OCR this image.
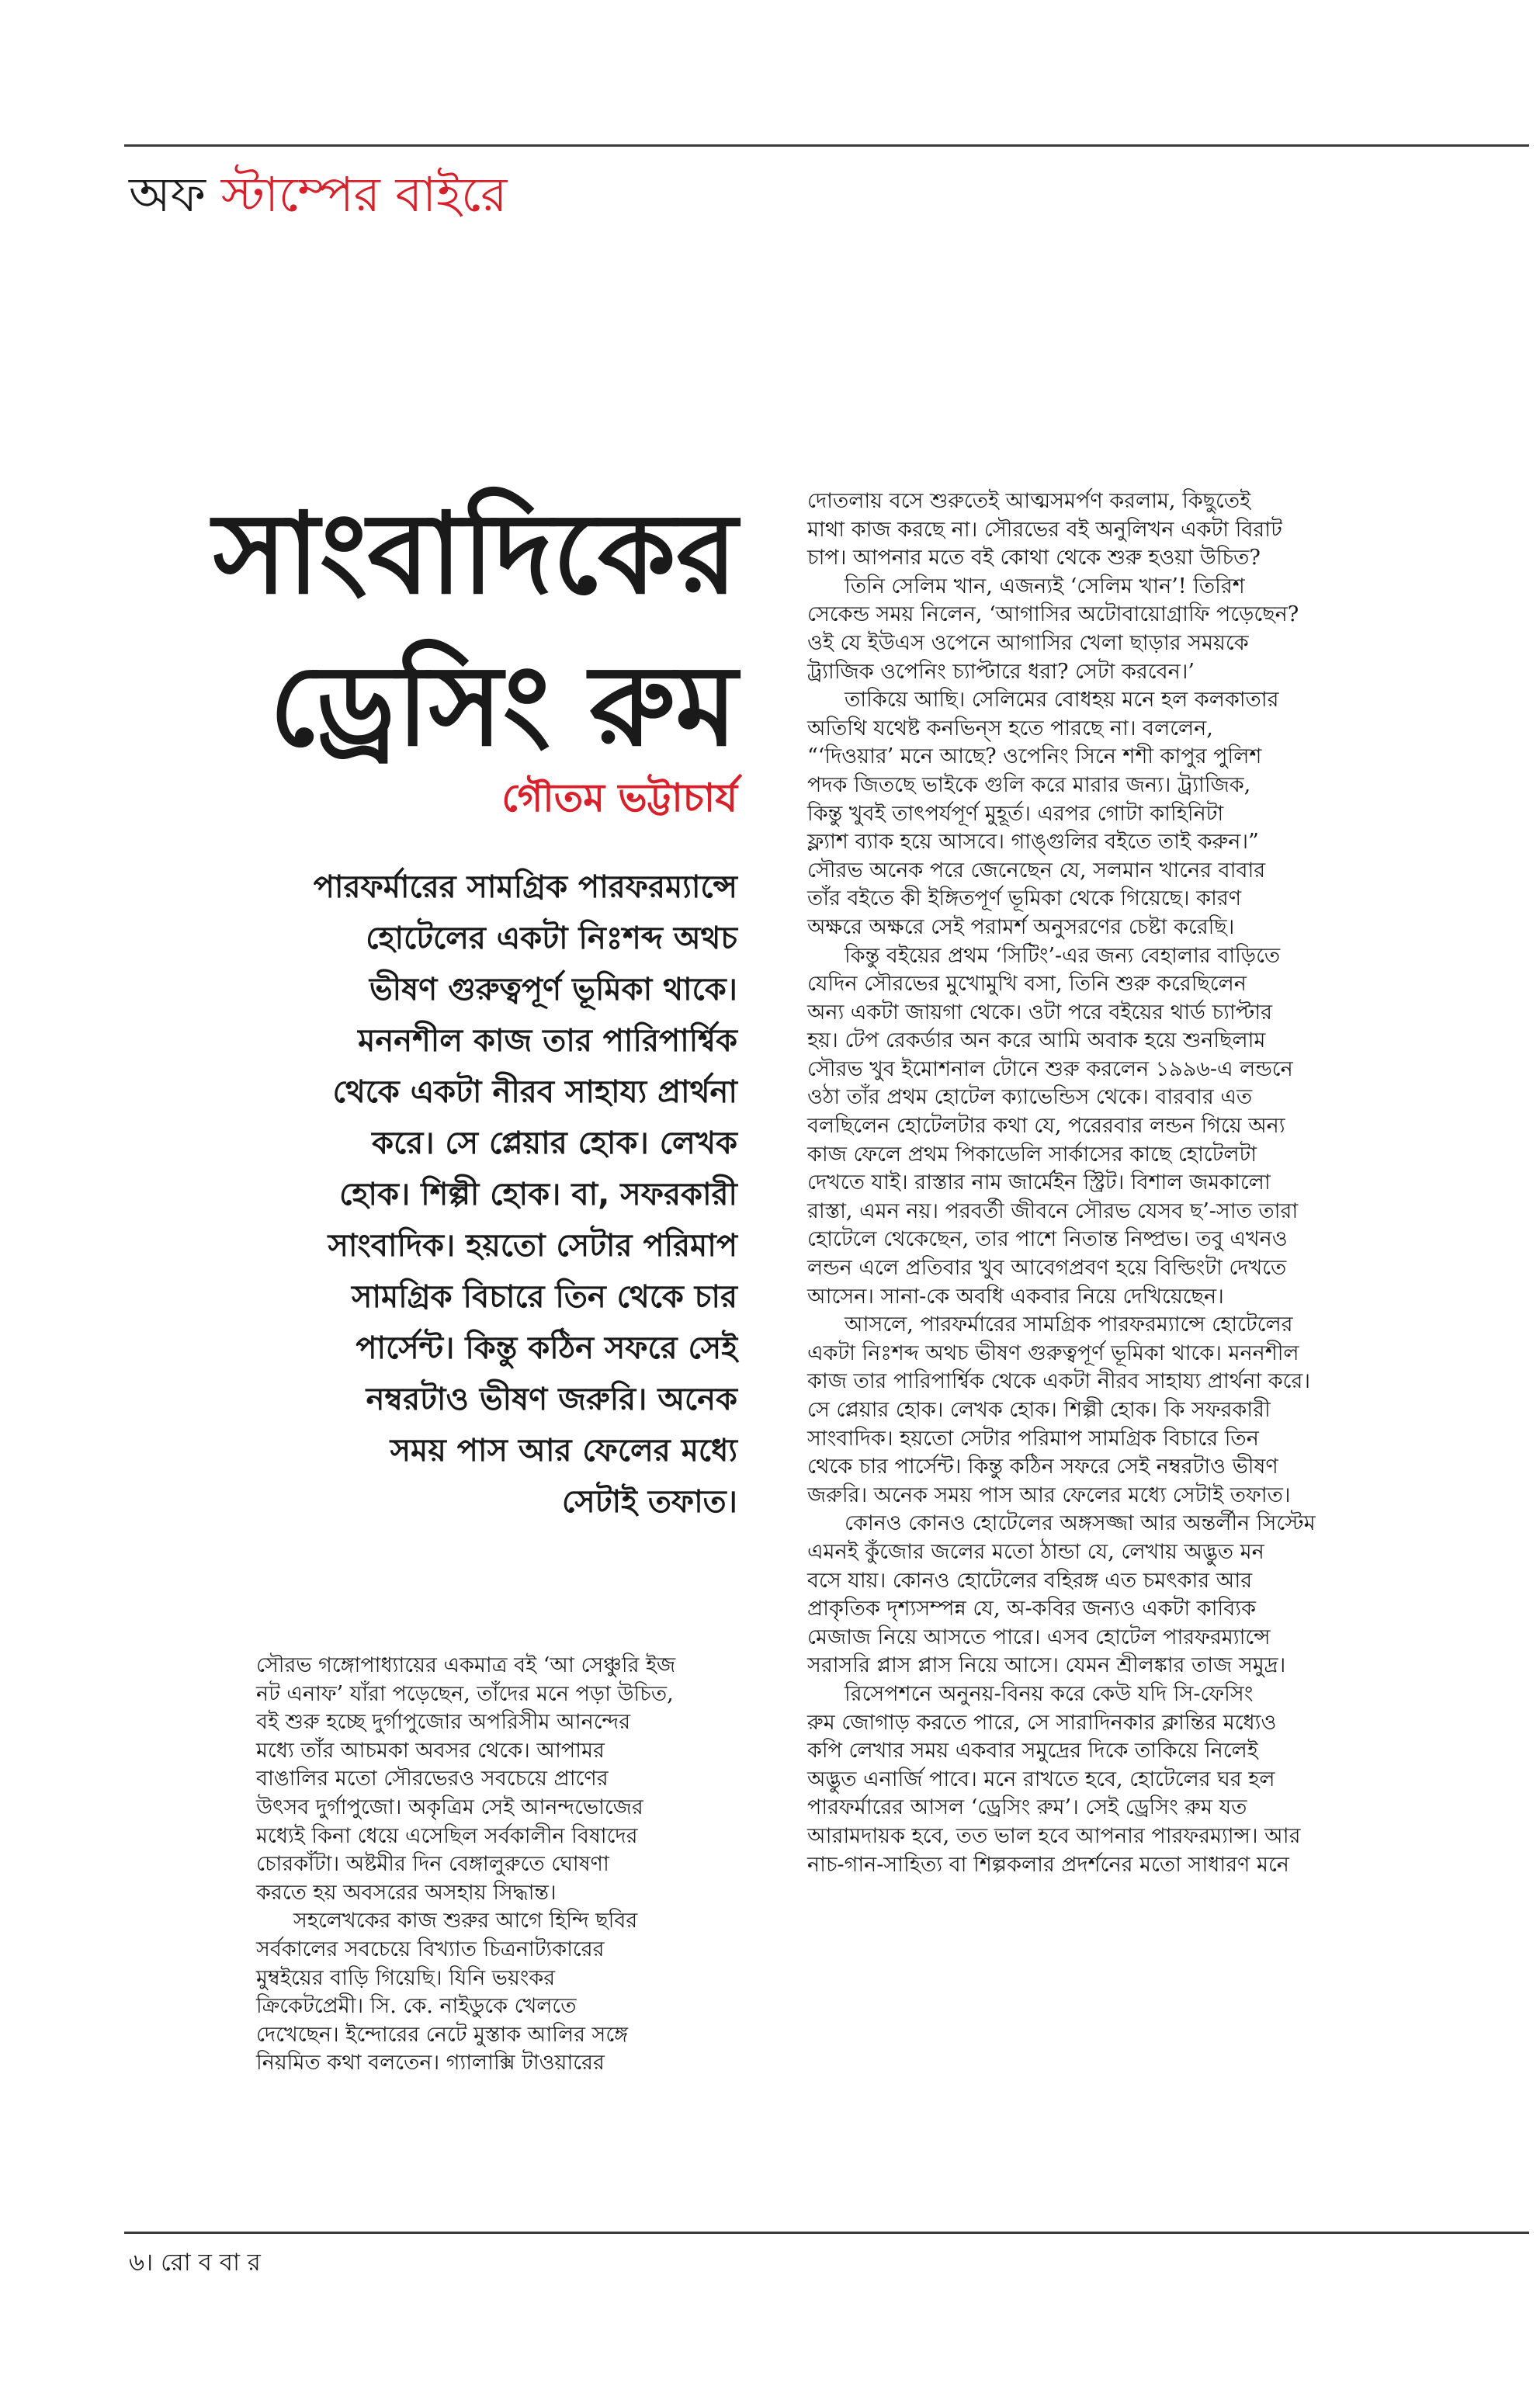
অফ স্টাম্পের বাইরে
সাংবাদিকের
ড্রেসিং রুম
গৌতম ভট্টাচার্য
পারফর্মারের সামগ্রিক পারফরম্যান্সে
হোটেলের একটা নিঃশব্দ অথচ
ভীষণ গুরুত্বপূর্ণ ভূমিকা থাকে।
মননশীল কাজ তার পারিপার্শ্বিক
থেকে একটা নীরব সাহায্য প্রার্থনা
করে। সে প্লেয়ার হোক। লেখক
হোক। শিল্পী হোক। বা, সফরকারী
সাংবাদিক। হয়তো সেটার পরিমাপ
সামগ্রিক বিচারে তিন থেকে চার
পার্সেন্ট। কিন্তু কঠিন সফরে সেই
নম্বরটাও ভীষণ জরুরি। অনেক
সময় পাস আর ফেলের মধ্যে
সেটাই তফাত।
সৌরভ গঙ্গোপাধ্যায়ের একমাত্র বই ‘আ সেঞ্চুরি ইজ
নট এনাফ’ যাঁরা পড়েছেন, তাঁদের মনে পড়া উচিত,
বই শুরু হচ্ছে দুর্গাপুজোর অপরিসীম আনন্দের
মধ্যে তাঁর আচমকা অবসর থেকে। আপামর
বাঙালির মতো সৌরভেরও সবচেয়ে প্রাণের
উৎসব দুর্গাপুজো। অকৃত্রিম সেই আনন্দভোজের
মধ্যেই কিনা ধেয়ে এসেছিল সর্বকালীন বিষাদের
চোরকাঁটা। অষ্টমীর দিন বেঙ্গালুরুতে ঘোষণা
করতে হয় অবসরের অসহায় সিদ্ধান্ত।
সহলেখকের কাজ শুরুর আগে হিন্দি ছবির
সর্বকালের সবচেয়ে বিখ্যাত চিত্রনাট্যকারের
মুম্বইয়ের বাড়ি গিয়েছি। যিনি ভয়ংকর
ক্রিকেটপ্রেমী। সি. কে. নাইডুকে খেলতে
দেখেছেন। ইন্দোরের নেটে মুস্তাক আলির সঙ্গে
নিয়মিত কথা বলতেন। গ্যালাক্সি টাওয়ারের
দোতলায় বসে শুরুতেই আত্মসমর্পণ করলাম, কিছুতেই
মাথা কাজ করছে না। সৌরভের বই অনুলিখন একটা বিরাট
চাপ। আপনার মতে বই কোথা থেকে শুরু হওয়া উচিত?
তিনি সেলিম খান, এজন্যই ‘সেলিম খান’! তিরিশ
সেকেন্ড সময় নিলেন, ‘আগাসির অটোবায়োগ্রাফি পড়েছেন?
ওই যে ইউএস ওপেনে আগাসির খেলা ছাড়ার সময়কে
ট্র্যাজিক ওপেনিং চ্যাপ্টারে ধরা? সেটা করবেন।’
তাকিয়ে আছি। সেলিমের বোধহয় মনে হল কলকাতার
অতিথি যথেষ্ট কনভিন্‌স হতে পারছে না। বললেন,
“‘দিওয়ার’ মনে আছে? ওপেনিং সিনে শশী কাপুর পুলিশ
পদক জিতছে ভাইকে গুলি করে মারার জন্য। ট্র্যাজিক,
কিন্তু খুবই তাৎপর্যপূর্ণ মুহূর্ত। এরপর গোটা কাহিনিটা
ফ্ল্যাশ ব্যাক হয়ে আসবে। গাঙ্গুলির বইতে তাই করুন।”
সৌরভ অনেক পরে জেনেছেন যে, সলমান খানের বাবার
তাঁর বইতে কী ইঙ্গিতপূর্ণ ভূমিকা থেকে গিয়েছে। কারণ
অক্ষরে অক্ষরে সেই পরামর্শ অনুসরণের চেষ্টা করেছি।
কিন্তু বইয়ের প্রথম ‘সিটিং’-এর জন্য বেহালার বাড়িতে
যেদিন সৌরভের মুখোমুখি বসা, তিনি শুরু করেছিলেন
অন্য একটা জায়গা থেকে। ওটা পরে বইয়ের থার্ড চ্যাপ্টার
হয়। টেপ রেকর্ডার অন করে আমি অবাক হয়ে শুনছিলাম
সৌরভ খুব ইমোশনাল টোনে শুরু করলেন ১৯৯৬-এ লন্ডনে
ওঠা তাঁর প্রথম হোটেল ক্যাভেন্ডিস থেকে। বারবার এত
বলছিলেন হোটেলটার কথা যে, পরেরবার লন্ডন গিয়ে অন্য
কাজ ফেলে প্রথম পিকাডেলি সার্কাসের কাছে হোটেলটা
দেখতে যাই। রাস্তার নাম জার্মেইন স্ট্রিট। বিশাল জমকালো
রাস্তা, এমন নয়। পরবর্তী জীবনে সৌরভ যেসব ছ’-সাত তারা
হোটেলে থেকেছেন, তার পাশে নিতান্ত নিষ্প্রভ। তবু এখনও
লন্ডন এলে প্রতিবার খুব আবেগপ্রবণ হয়ে বিল্ডিংটা দেখতে
আসেন। সানা-কে অবধি একবার নিয়ে দেখিয়েছেন।
আসলে, পারফর্মারের সামগ্রিক পারফরম্যান্সে হোটেলের
একটা নিঃশব্দ অথচ ভীষণ গুরুত্বপূর্ণ ভূমিকা থাকে। মননশীল
কাজ তার পারিপার্শ্বিক থেকে একটা নীরব সাহায্য প্রার্থনা করে।
সে প্লেয়ার হোক। লেখক হোক। শিল্পী হোক। কি সফরকারী
সাংবাদিক। হয়তো সেটার পরিমাপ সামগ্রিক বিচারে তিন
থেকে চার পার্সেন্ট। কিন্তু কঠিন সফরে সেই নম্বরটাও ভীষণ
জরুরি। অনেক সময় পাস আর ফেলের মধ্যে সেটাই তফাত।
কোনও কোনও হোটেলের অঙ্গসজ্জা আর অন্তর্লীন সিস্টেম
এমনই কুঁজোর জলের মতো ঠান্ডা যে, লেখায় অদ্ভুত মন
বসে যায়। কোনও হোটেলের বহিরঙ্গ এত চমৎকার আর
প্রাকৃতিক দৃশ্যসম্পন্ন যে, অ-কবির জন্যও একটা কাব্যিক
মেজাজ নিয়ে আসতে পারে। এসব হোটেল পারফরম্যান্সে
সরাসরি প্লাস প্লাস নিয়ে আসে। যেমন শ্রীলঙ্কার তাজ সমুদ্র।
রিসেপশনে অনুনয়-বিনয় করে কেউ যদি সি-ফেসিং
রুম জোগাড় করতে পারে, সে সারাদিনকার ক্লান্তির মধ্যেও
কপি লেখার সময় একবার সমুদ্রের দিকে তাকিয়ে নিলেই
অদ্ভুত এনার্জি পাবে। মনে রাখতে হবে, হোটেলের ঘর হল
পারফর্মারের আসল ‘ড্রেসিং রুম’। সেই ড্রেসিং রুম যত
আরামদায়ক হবে, তত ভাল হবে আপনার পারফরম্যান্স। আর
নাচ-গান-সাহিত্য বা শিল্পকলার প্রদর্শনের মতো সাধারণ মনে
৬। রো ব বা র
